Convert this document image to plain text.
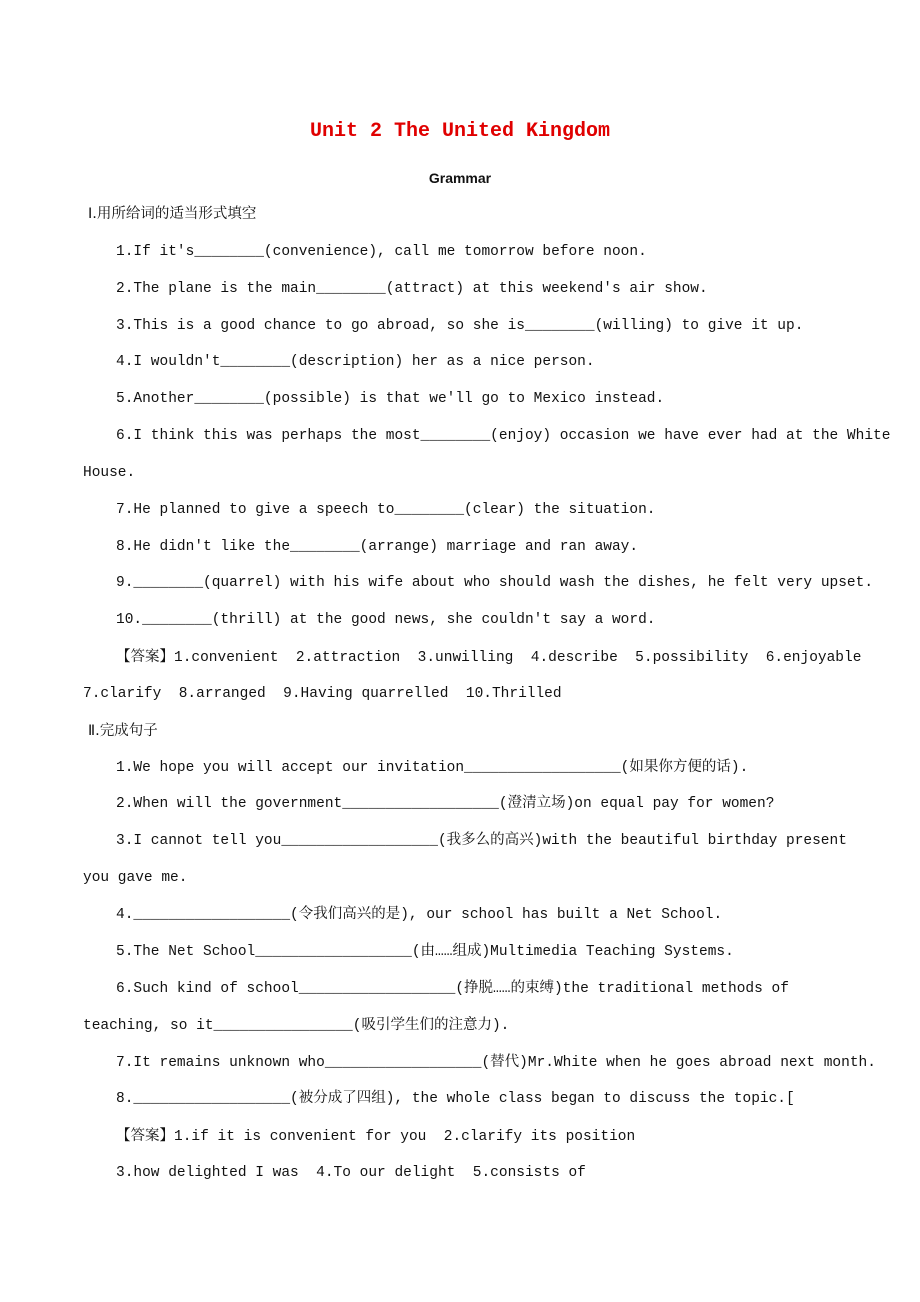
Unit 2 The United Kingdom
Grammar
Ⅰ.用所给词的适当形式填空
1.If it's________(convenience), call me tomorrow before noon.
2.The plane is the main________(attract) at this weekend's air show.
3.This is a good chance to go abroad, so she is________(willing) to give it up.
4.I wouldn't________(description) her as a nice person.
5.Another________(possible) is that we'll go to Mexico instead.
6.I think this was perhaps the most________(enjoy) occasion we have ever had at the White
House.
7.He planned to give a speech to________(clear) the situation.
8.He didn't like the________(arrange) marriage and ran away.
9.________(quarrel) with his wife about who should wash the dishes, he felt very upset.
10.________(thrill) at the good news, she couldn't say a word.
【答案】1.convenient  2.attraction  3.unwilling  4.describe  5.possibility  6.enjoyable
7.clarify  8.arranged  9.Having quarrelled  10.Thrilled
Ⅱ.完成句子
1.We hope you will accept our invitation__________________(如果你方便的话).
2.When will the government__________________(澄清立场)on equal pay for women?
3.I cannot tell you__________________(我多么的高兴)with the beautiful birthday present
you gave me.
4.__________________(令我们高兴的是), our school has built a Net School.
5.The Net School__________________(由……组成)Multimedia Teaching Systems.
6.Such kind of school__________________(挣脱……的束缚)the traditional methods of
teaching, so it________________(吸引学生们的注意力).
7.It remains unknown who__________________(替代)Mr.White when he goes abroad next month.
8.__________________(被分成了四组), the whole class began to discuss the topic.[
【答案】1.if it is convenient for you  2.clarify its position
3.how delighted I was  4.To our delight  5.consists of
